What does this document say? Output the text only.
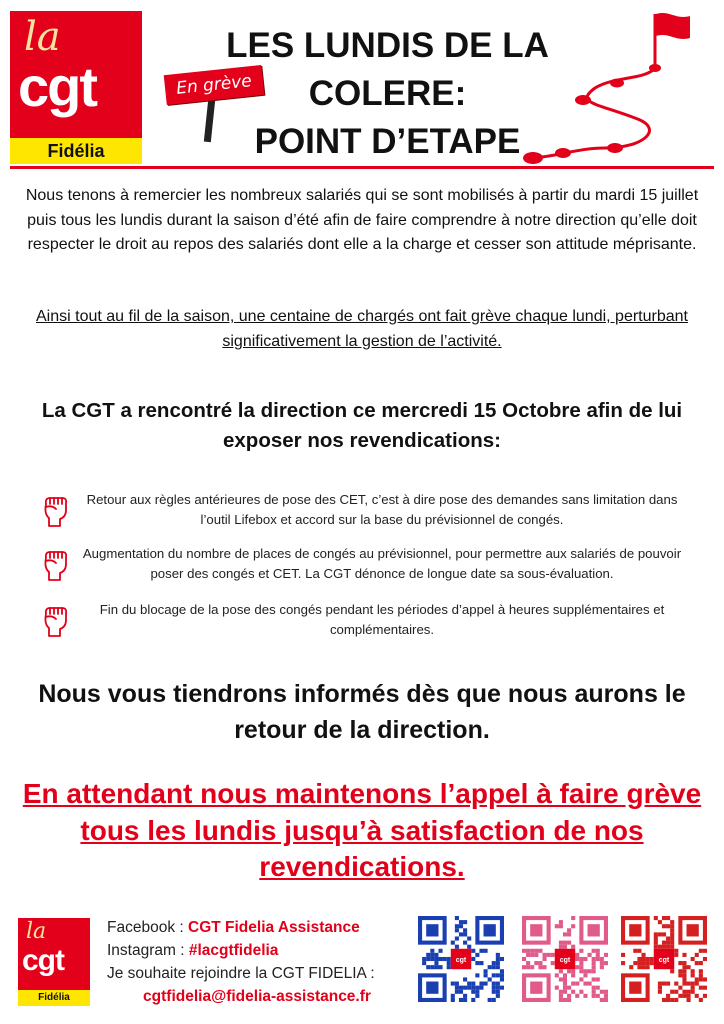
la
cgt
Fidélia
En grève
LES LUNDIS DE LA
COLERE:
POINT D’ETAPE
Nous tenons à remercier les nombreux salariés qui se sont mobilisés à partir du mardi 15 juillet puis tous les lundis durant la saison d’été afin de faire comprendre à notre direction qu’elle doit respecter le droit au repos des salariés dont elle a la charge et cesser son attitude méprisante.
Ainsi tout au fil de la saison, une centaine de chargés ont fait grève chaque lundi, perturbant significativement la gestion de l’activité.
La CGT a rencontré la direction ce mercredi 15 Octobre afin de lui exposer nos revendications:
Retour aux règles antérieures de pose des CET, c’est à dire pose des demandes sans limitation dans l’outil Lifebox et accord sur la base du prévisionnel de congés.
Augmentation du nombre de places de congés au prévisionnel, pour permettre aux salariés de pouvoir poser des congés et CET. La CGT dénonce de longue date sa sous-évaluation.
Fin du blocage de la pose des congés pendant les périodes d’appel à heures supplémentaires et complémentaires.
Nous vous tiendrons informés dès que nous aurons le retour de la direction.
En attendant nous maintenons l’appel à faire grève tous les lundis jusqu’à satisfaction de nos revendications.
la
cgt
Fidélia
Facebook : CGT Fidelia Assistance
Instagram : #lacgtfidelia
Je souhaite rejoindre la CGT FIDELIA :
cgtfidelia@fidelia-assistance.fr
cgt	cgt	cgt
